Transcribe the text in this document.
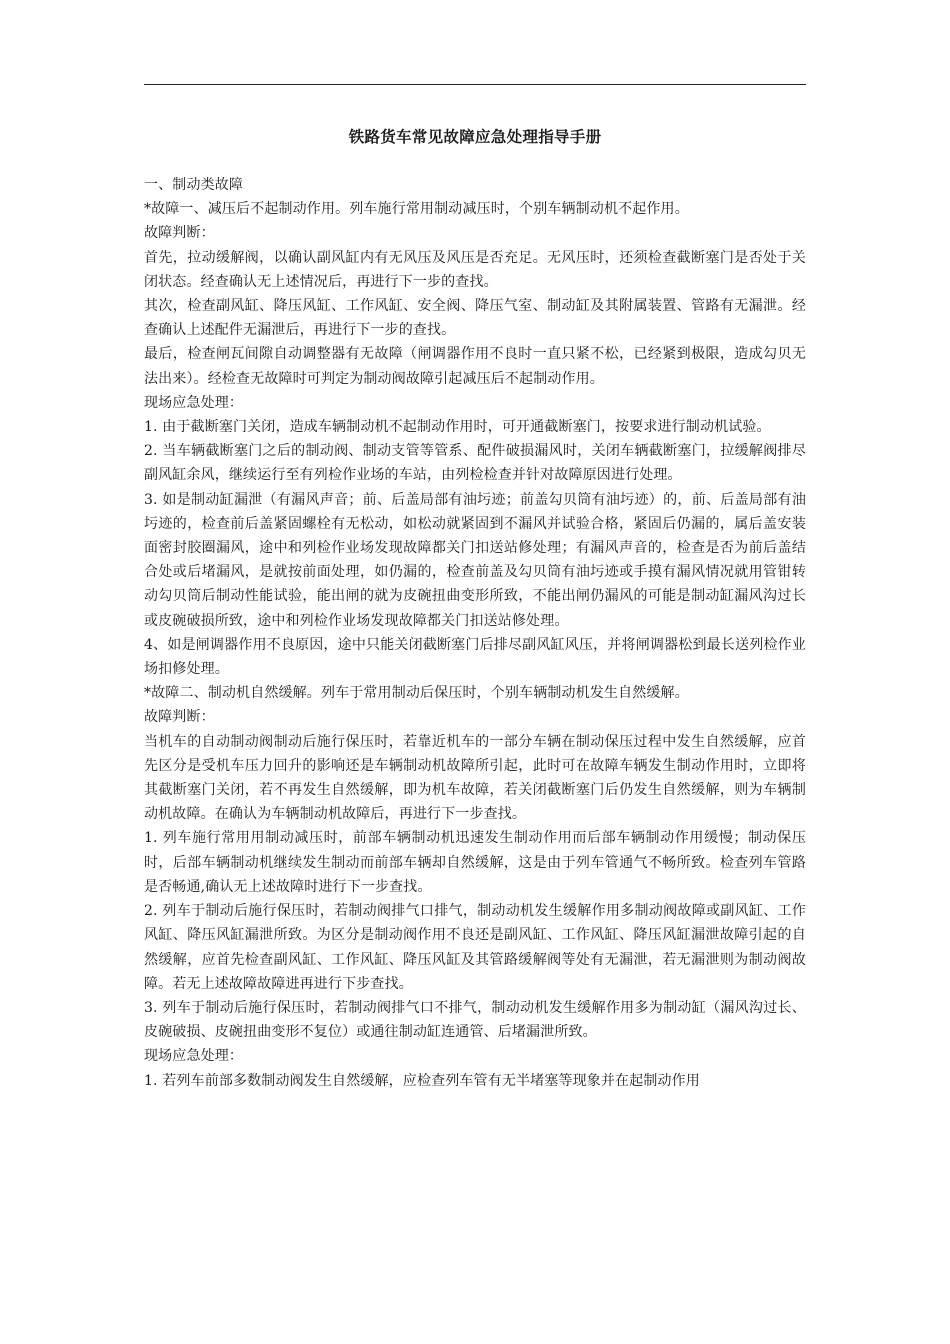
铁路货车常见故障应急处理指导手册

一、制动类故障

*故障一、减压后不起制动作用。列车施行常用制动减压时，个别车辆制动机不起作用。

故障判断：

首先，拉动缓解阀，以确认副风缸内有无风压及风压是否充足。无风压时，还须检查截断塞门是否处于关闭状态。经查确认无上述情况后，再进行下一步的查找。

其次，检查副风缸、降压风缸、工作风缸、安全阀、降压气室、制动缸及其附属装置、管路有无漏泄。经查确认上述配件无漏泄后，再进行下一步的查找。

最后，检查闸瓦间隙自动调整器有无故障（闸调器作用不良时一直只紧不松，已经紧到极限，造成勾贝无法出来）。经检查无故障时可判定为制动阀故障引起减压后不起制动作用。

现场应急处理：

1. 由于截断塞门关闭，造成车辆制动机不起制动作用时，可开通截断塞门，按要求进行制动机试验。

2. 当车辆截断塞门之后的制动阀、制动支管等管系、配件破损漏风时，关闭车辆截断塞门，拉缓解阀排尽副风缸余风，继续运行至有列检作业场的车站，由列检检查并针对故障原因进行处理。

3. 如是制动缸漏泄（有漏风声音；前、后盖局部有油圬迹；前盖勾贝筒有油圬迹）的，前、后盖局部有油圬迹的，检查前后盖紧固螺栓有无松动，如松动就紧固到不漏风并试验合格，紧固后仍漏的，属后盖安装面密封胶圈漏风，途中和列检作业场发现故障都关门扣送站修处理；有漏风声音的，检查是否为前后盖结合处或后堵漏风，是就按前面处理，如仍漏的，检查前盖及勾贝筒有油圬迹或手摸有漏风情况就用管钳转动勾贝筒后制动性能试验，能出闸的就为皮碗扭曲变形所致，不能出闸仍漏风的可能是制动缸漏风沟过长或皮碗破损所致，途中和列检作业场发现故障都关门扣送站修处理。

4、如是闸调器作用不良原因，途中只能关闭截断塞门后排尽副风缸风压，并将闸调器松到最长送列检作业场扣修处理。

*故障二、制动机自然缓解。列车于常用制动后保压时，个别车辆制动机发生自然缓解。

故障判断：

当机车的自动制动阀制动后施行保压时，若靠近机车的一部分车辆在制动保压过程中发生自然缓解，应首先区分是受机车压力回升的影响还是车辆制动机故障所引起，此时可在故障车辆发生制动作用时，立即将其截断塞门关闭，若不再发生自然缓解，即为机车故障，若关闭截断塞门后仍发生自然缓解，则为车辆制动机故障。在确认为车辆制动机故障后，再进行下一步查找。

1. 列车施行常用用制动减压时，前部车辆制动机迅速发生制动作用而后部车辆制动作用缓慢；制动保压时，后部车辆制动机继续发生制动而前部车辆却自然缓解，这是由于列车管通气不畅所致。检查列车管路是否畅通,确认无上述故障时进行下一步查找。

2. 列车于制动后施行保压时，若制动阀排气口排气，制动动机发生缓解作用多制动阀故障或副风缸、工作风缸、降压风缸漏泄所致。为区分是制动阀作用不良还是副风缸、工作风缸、降压风缸漏泄故障引起的自然缓解，应首先检查副风缸、工作风缸、降压风缸及其管路缓解阀等处有无漏泄，若无漏泄则为制动阀故障。若无上述故障故障进再进行下步查找。

3. 列车于制动后施行保压时，若制动阀排气口不排气，制动动机发生缓解作用多为制动缸（漏风沟过长、皮碗破损、皮碗扭曲变形不复位）或通往制动缸连通管、后堵漏泄所致。

现场应急处理：

1. 若列车前部多数制动阀发生自然缓解，应检查列车管有无半堵塞等现象并在起制动作用
